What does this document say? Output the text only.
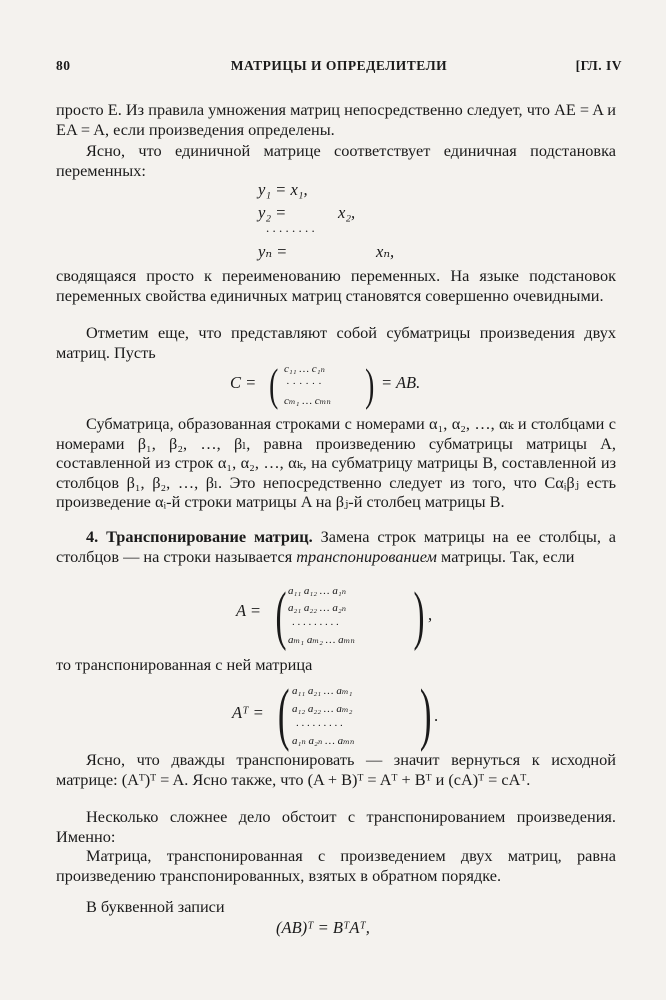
80	МАТРИЦЫ И ОПРЕДЕЛИТЕЛИ	[ГЛ. IV

просто E. Из правила умножения матриц непосредственно следует, что AE = A и EA = A, если произведения определены.

Ясно, что единичной матрице соответствует единичная подстановка переменных:

y₁ = x₁,
y₂ =	x₂,
. . . . . . . .
yₙ =	xₙ,

сводящаяся просто к переименованию переменных. На языке подстановок переменных свойства единичных матриц становятся совершенно очевидными.

Отметим еще, что представляют собой субматрицы произведения двух матриц. Пусть

C = ( c₁₁ … c₁ₙ
· · · · · ·
cₘ₁ … cₘₙ ) = AB.

Субматрица, образованная строками с номерами α₁, α₂, …, αₖ и столбцами с номерами β₁, β₂, …, βₗ, равна произведению субматрицы матрицы A, составленной из строк α₁, α₂, …, αₖ, на субматрицу матрицы B, составленной из столбцов β₁, β₂, …, βₗ. Это непосредственно следует из того, что Cαᵢβⱼ есть произведение αᵢ-й строки матрицы A на βⱼ-й столбец матрицы B.

4. Транспонирование матриц. Замена строк матрицы на ее столбцы, а столбцов — на строки называется транспонированием матрицы. Так, если

A = ( a₁₁ a₁₂ … a₁ₙ
a₂₁ a₂₂ … a₂ₙ
. . . . . . . . .
aₘ₁ aₘ₂ … aₘₙ ) ,

то транспонированная с ней матрица

Aᵀ = ( a₁₁ a₂₁ … aₘ₁
a₁₂ a₂₂ … aₘ₂
. . . . . . . . .
a₁ₙ a₂ₙ … aₘₙ ) .

Ясно, что дважды транспонировать — значит вернуться к исходной матрице: (Aᵀ)ᵀ = A. Ясно также, что (A + B)ᵀ = Aᵀ + Bᵀ и (cA)ᵀ = cAᵀ.

Несколько сложнее дело обстоит с транспонированием произведения. Именно:

Матрица, транспонированная с произведением двух матриц, равна произведению транспонированных, взятых в обратном порядке.

В буквенной записи

(AB)ᵀ = BᵀAᵀ,
